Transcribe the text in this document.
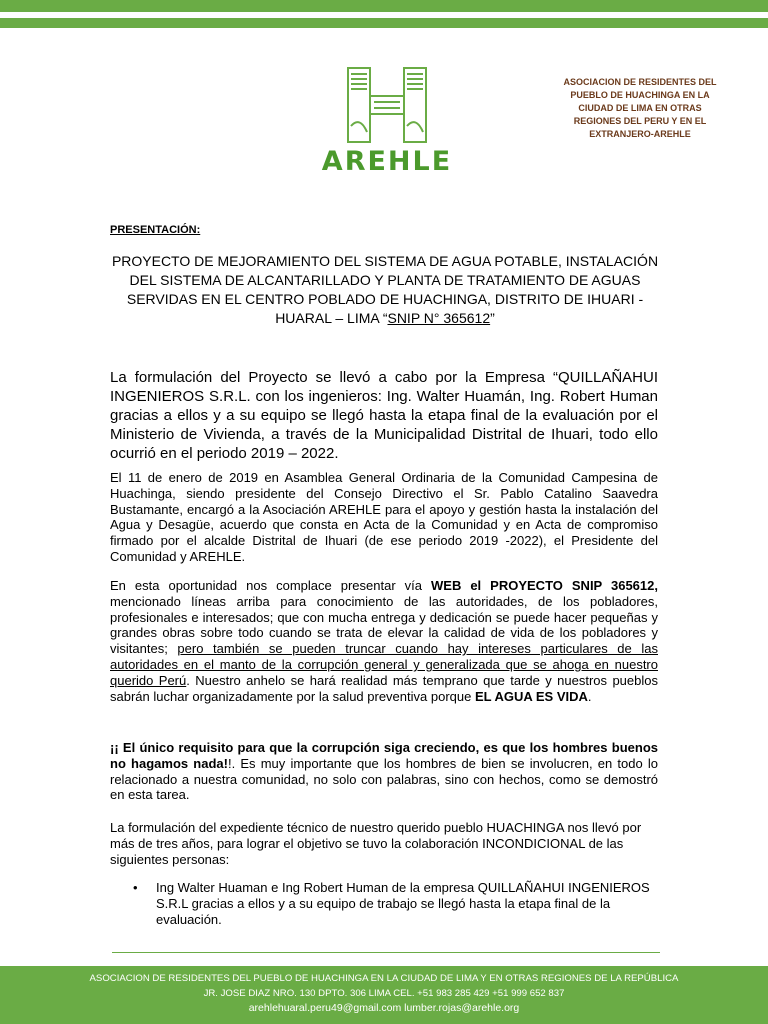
AREHLE
ASOCIACION DE RESIDENTES DEL
PUEBLO DE HUACHINGA EN LA
CIUDAD DE LIMA EN OTRAS
REGIONES DEL PERU Y EN EL
EXTRANJERO-AREHLE
PRESENTACIÓN:
PROYECTO DE MEJORAMIENTO DEL SISTEMA DE AGUA POTABLE, INSTALACIÓN DEL SISTEMA DE ALCANTARILLADO Y PLANTA DE TRATAMIENTO DE AGUAS SERVIDAS EN EL CENTRO POBLADO DE HUACHINGA, DISTRITO DE IHUARI - HUARAL – LIMA “SNIP N° 365612”

La formulación del Proyecto se llevó a cabo por la Empresa “QUILLAÑAHUI INGENIEROS S.R.L. con los ingenieros: Ing. Walter Huamán, Ing. Robert Human gracias a ellos y a su equipo se llegó hasta la etapa final de la evaluación por el Ministerio de Vivienda, a través de la Municipalidad Distrital de Ihuari, todo ello ocurrió en el periodo 2019 – 2022.

El 11 de enero de 2019 en Asamblea General Ordinaria de la Comunidad Campesina de Huachinga, siendo presidente del Consejo Directivo el Sr. Pablo Catalino Saavedra Bustamante, encargó a la Asociación AREHLE para el apoyo y gestión hasta la instalación del Agua y Desagüe, acuerdo que consta en Acta de la Comunidad y en Acta de compromiso firmado por el alcalde Distrital de Ihuari (de ese periodo 2019 -2022), el Presidente del Comunidad y AREHLE.

En esta oportunidad nos complace presentar vía WEB el PROYECTO SNIP 365612, mencionado líneas arriba para conocimiento de las autoridades, de los pobladores, profesionales e interesados; que con mucha entrega y dedicación se puede hacer pequeñas y grandes obras sobre todo cuando se trata de elevar la calidad de vida de los pobladores y visitantes; pero también se pueden truncar cuando hay intereses particulares de las autoridades en el manto de la corrupción general y generalizada que se ahoga en nuestro querido Perú. Nuestro anhelo se hará realidad más temprano que tarde y nuestros pueblos sabrán luchar organizadamente por la salud preventiva porque EL AGUA ES VIDA.

¡¡ El único requisito para que la corrupción siga creciendo, es que los hombres buenos no hagamos nada!!. Es muy importante que los hombres de bien se involucren, en todo lo relacionado a nuestra comunidad, no solo con palabras, sino con hechos, como se demostró en esta tarea.

La formulación del expediente técnico de nuestro querido pueblo HUACHINGA nos llevó por más de tres años, para lograr el objetivo se tuvo la colaboración INCONDICIONAL de las siguientes personas:

• Ing Walter Huaman e Ing Robert Human de la empresa QUILLAÑAHUI INGENIEROS S.R.L gracias a ellos y a su equipo de trabajo se llegó hasta la etapa final de la evaluación.
ASOCIACION DE RESIDENTES DEL PUEBLO DE HUACHINGA EN LA CIUDAD DE LIMA Y EN OTRAS REGIONES DE LA REPÚBLICA
JR. JOSE DIAZ NRO. 130 DPTO. 306 LIMA CEL. +51 983 285 429 +51 999 652 837
arehlehuaral.peru49@gmail.com lumber.rojas@arehle.org
